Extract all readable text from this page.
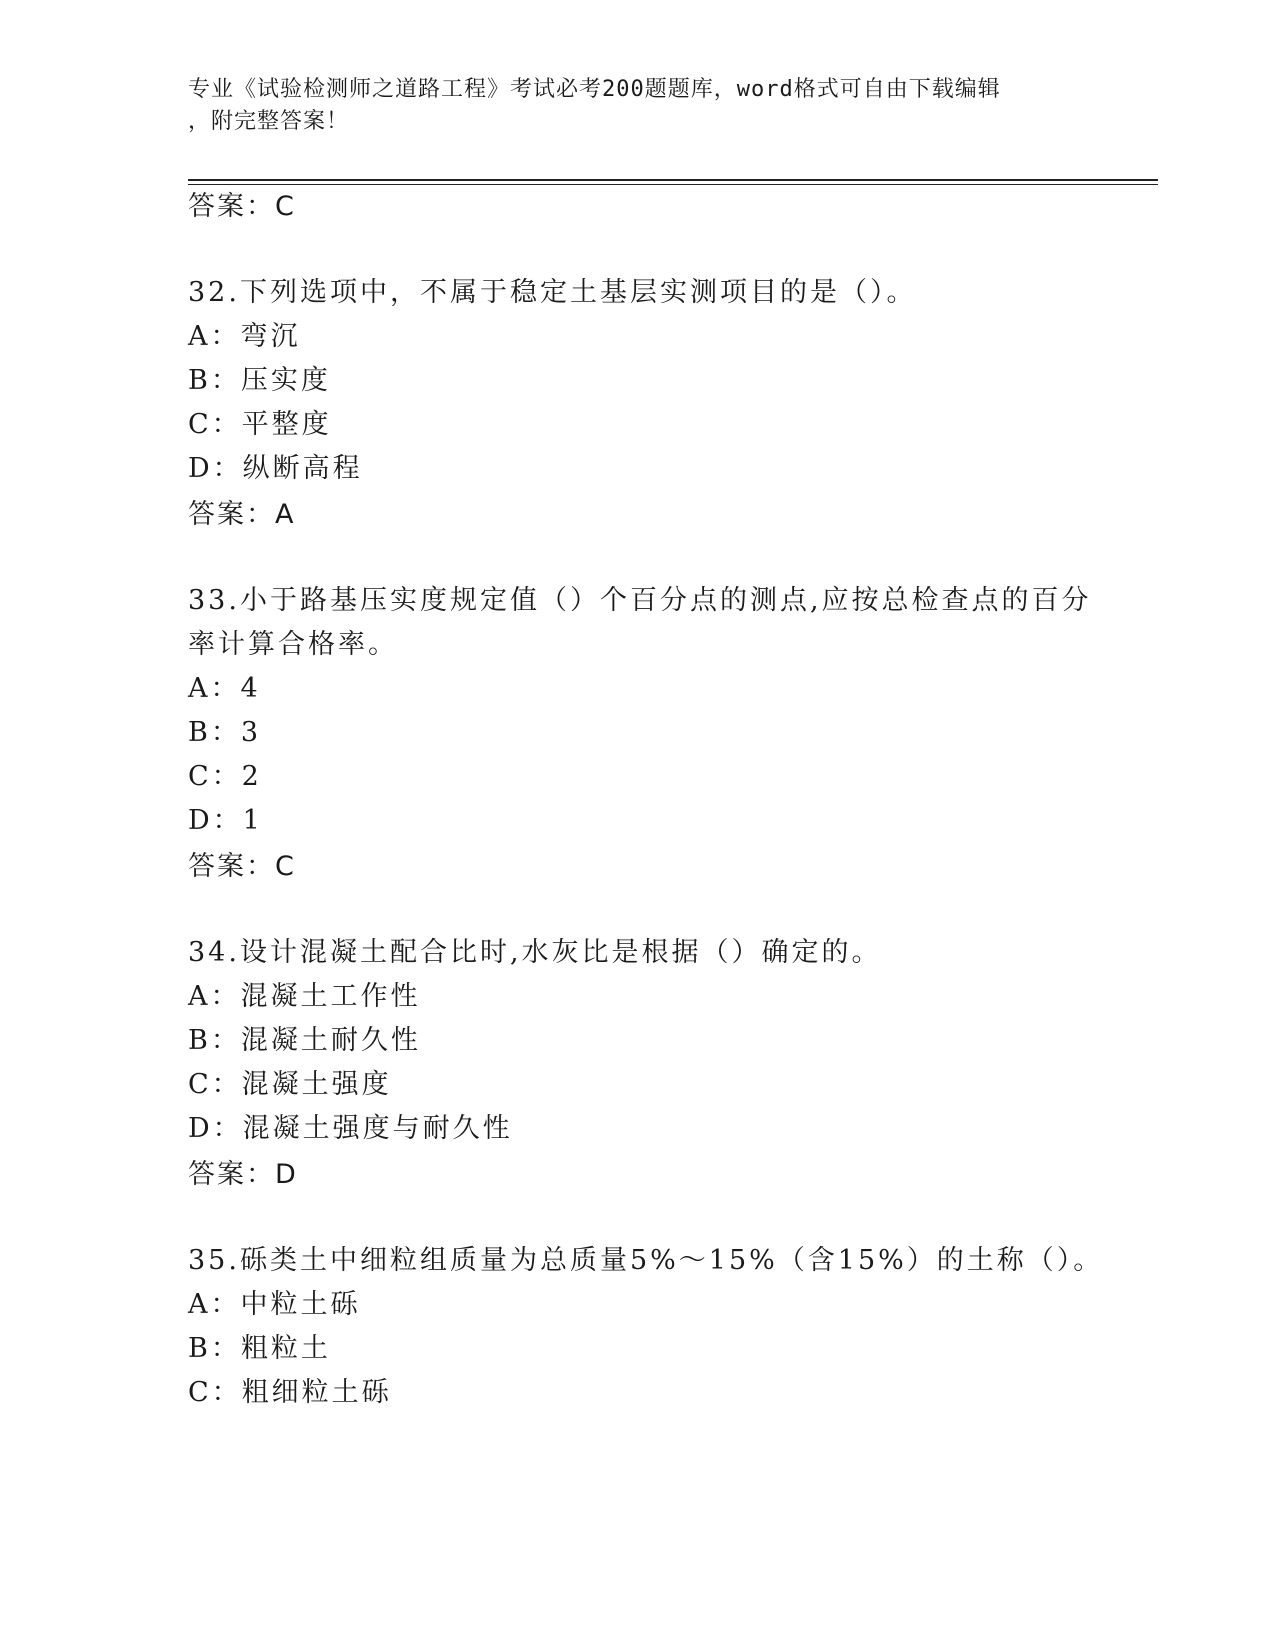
专业《试验检测师之道路工程》考试必考200题题库，word格式可自由下载编辑
，附完整答案！
答案：C
32.下列选项中，不属于稳定土基层实测项目的是（）。
A：弯沉
B：压实度
C：平整度
D：纵断高程
答案：A
33.小于路基压实度规定值（）个百分点的测点,应按总检查点的百分
率计算合格率。
A：4
B：3
C：2
D：1
答案：C
34.设计混凝土配合比时,水灰比是根据（）确定的。
A：混凝土工作性
B：混凝土耐久性
C：混凝土强度
D：混凝土强度与耐久性
答案：D
35.砾类土中细粒组质量为总质量5%～15%（含15%）的土称（）。
A：中粒土砾
B：粗粒土
C：粗细粒土砾
